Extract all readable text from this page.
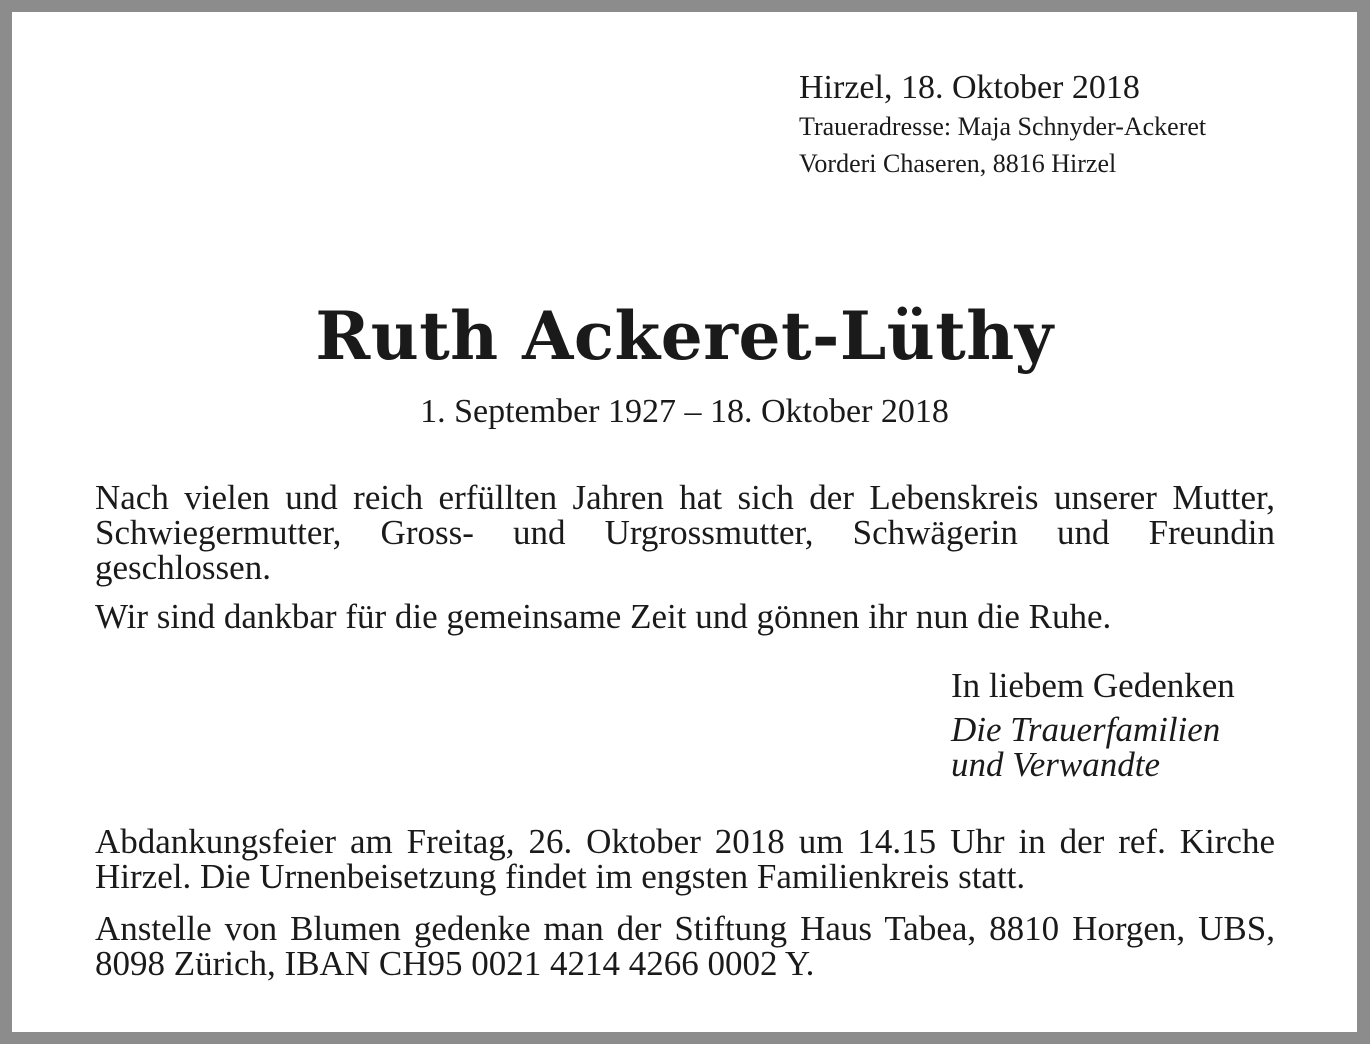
Hirzel, 18. Oktober 2018

Traueradresse: Maja Schnyder-Ackeret

Vorderi Chaseren, 8816 Hirzel

Ruth Ackeret-Lüthy

1. September 1927 – 18. Oktober 2018

Nach vielen und reich erfüllten Jahren hat sich der Lebenskreis unserer Mutter, Schwiegermutter, Gross- und Urgrossmutter, Schwägerin und Freundin geschlossen.

Wir sind dankbar für die gemeinsame Zeit und gönnen ihr nun die Ruhe.

In liebem Gedenken

Die Trauerfamilien

und Verwandte

Abdankungsfeier am Freitag, 26. Oktober 2018 um 14.15 Uhr in der ref. Kirche Hirzel. Die Urnenbeisetzung findet im engsten Familienkreis statt.

Anstelle von Blumen gedenke man der Stiftung Haus Tabea, 8810 Horgen, UBS, 8098 Zürich, IBAN CH95 0021 4214 4266 0002 Y.
